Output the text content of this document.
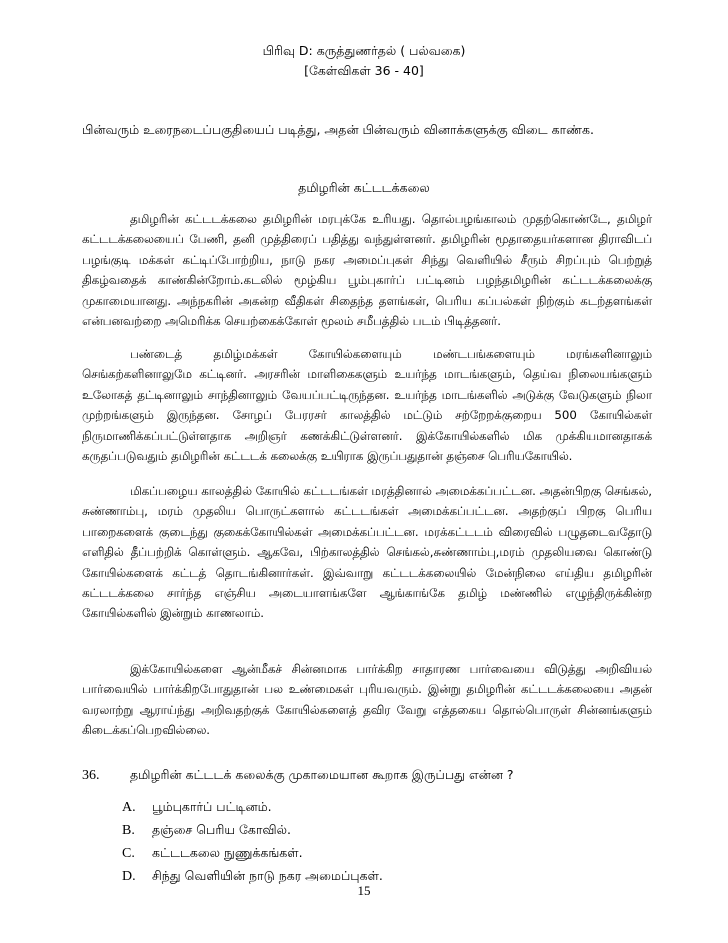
பிரிவு D: கருத்துணர்தல் ( பல்வகை)
[கேள்விகள் 36 - 40]
பின்வரும் உரைநடைப்பகுதியைப் படித்து, அதன் பின்வரும் வினாக்களுக்கு விடை காண்க.
தமிழரின் கட்டடக்கலை

தமிழரின் கட்டடக்கலை தமிழரின் மரபுக்கே உரியது. தொல்பழங்காலம் முதற்கொண்டே, தமிழர் கட்டடக்கலையைப் பேணி, தனி முத்திரைப் பதித்து வந்துள்ளனர். தமிழரின் மூதாதையர்களான திராவிடப் பழங்குடி மக்கள் கட்டிப்போற்றிய, நாடு நகர அமைப்புகள் சிந்து வெளியில் சீரும் சிறப்பும் பெற்றுத் திகழ்வதைக் காண்கின்றோம்.கடலில் மூழ்கிய பூம்புகார்ப் பட்டினம் பழந்தமிழரின் கட்டடக்கலைக்கு முகாமையானது. அந்நகரின் அகன்ற வீதிகள் சிதைந்த தளங்கள், பெரிய கப்பல்கள் நிற்கும் கடற்தளங்கள் என்பனவற்றை அமெரிக்க செயற்கைக்கோள் மூலம் சமீபத்தில் படம் பிடித்தனர்.

பண்டைத் தமிழ்மக்கள் கோயில்களையும் மண்டபங்களையும் மரங்களினாலும் செங்கற்களினாலுமே கட்டினர். அரசரின் மாளிகைகளும் உயர்ந்த மாடங்களும், தெய்வ நிலையங்களும் உலோகத் தட்டினாலும் சாந்தினாலும் வேயப்பட்டிருந்தன. உயர்ந்த மாடங்களில் அடுக்கு வேடுகளும் நிலா முற்றங்களும் இருந்தன. சோழப் பேரரசர் காலத்தில் மட்டும் சற்றேறக்குறைய 500 கோயில்கள் நிருமாணிக்கப்பட்டுள்ளதாக அறிஞர் கணக்கிட்டுள்ளனர். இக்கோயில்களில் மிக முக்கியமானதாகக் கருதப்படுவதும் தமிழரின் கட்டடக் கலைக்கு உயிராக இருப்பதுதான் தஞ்சை பெரியகோயில்.

மிகப்பழைய காலத்தில் கோயில் கட்டடங்கள் மரத்தினால் அமைக்கப்பட்டன. அதன்பிறகு செங்கல், சுண்ணாம்பு, மரம் முதலிய பொருட்களால் கட்டடங்கள் அமைக்கப்பட்டன. அதற்குப் பிறகு பெரிய பாறைகளைக் குடைந்து குகைக்கோயில்கள் அமைக்கப்பட்டன. மரக்கட்டடம் விரைவில் பழுதடைவதோடு எளிதில் தீப்பற்றிக் கொள்ளும். ஆகவே, பிற்காலத்தில் செங்கல்,சுண்ணாம்பு,மரம் முதலியவை கொண்டு கோயில்களைக் கட்டத் தொடங்கினார்கள். இவ்வாறு கட்டடக்கலையில் மேன்நிலை எய்திய தமிழரின் கட்டடக்கலை சார்ந்த எஞ்சிய அடையாளங்களே ஆங்காங்கே தமிழ் மண்ணில் எழுந்திருக்கின்ற கோயில்களில் இன்றும் காணலாம்.

இக்கோயில்களை ஆன்மீகச் சின்னமாக பார்க்கிற சாதாரண பார்வையை விடுத்து அறிவியல் பார்வையில் பார்க்கிறபோதுதான் பல உண்மைகள் புரியவரும். இன்று தமிழரின் கட்டடக்கலையை அதன் வரலாற்று ஆராய்ந்து அறிவதற்குக் கோயில்களைத் தவிர வேறு எத்தகைய தொல்பொருள் சின்னங்களும் கிடைக்கப்பெறவில்லை.

36. தமிழரின் கட்டடக் கலைக்கு முகாமையான கூறாக இருப்பது என்ன ?
A. பூம்புகார்ப் பட்டினம்.
B. தஞ்சை பெரிய கோவில்.
C. கட்டடகலை நுணுக்கங்கள்.
D. சிந்து வெளியின் நாடு நகர அமைப்புகள்.
15
